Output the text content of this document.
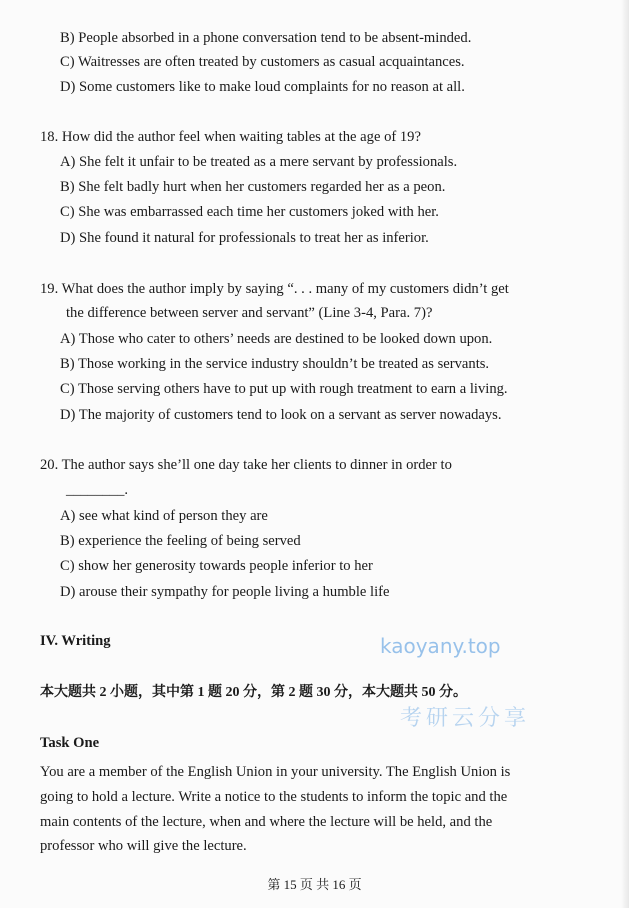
考研云分享
kaoyany.top
B) People absorbed in a phone conversation tend to be absent-minded.
C) Waitresses are often treated by customers as casual acquaintances.
D) Some customers like to make loud complaints for no reason at all.
18. How did the author feel when waiting tables at the age of 19?
A) She felt it unfair to be treated as a mere servant by professionals.
B) She felt badly hurt when her customers regarded her as a peon.
C) She was embarrassed each time her customers joked with her.
D) She found it natural for professionals to treat her as inferior.
19. What does the author imply by saying “. . . many of my customers didn’t get
the difference between server and servant” (Line 3-4, Para. 7)?
A) Those who cater to others’ needs are destined to be looked down upon.
B) Those working in the service industry shouldn’t be treated as servants.
C) Those serving others have to put up with rough treatment to earn a living.
D) The majority of customers tend to look on a servant as server nowadays.
20. The author says she’ll one day take her clients to dinner in order to
________.
A) see what kind of person they are
B) experience the feeling of being served
C) show her generosity towards people inferior to her
D) arouse their sympathy for people living a humble life
IV. Writing
本大题共 2 小题，其中第 1 题 20 分，第 2 题 30 分，本大题共 50 分。
Task One
You are a member of the English Union in your university. The English Union is
going to hold a lecture. Write a notice to the students to inform the topic and the
main contents of the lecture, when and where the lecture will be held, and the
professor who will give the lecture.
第 15 页 共 16 页
